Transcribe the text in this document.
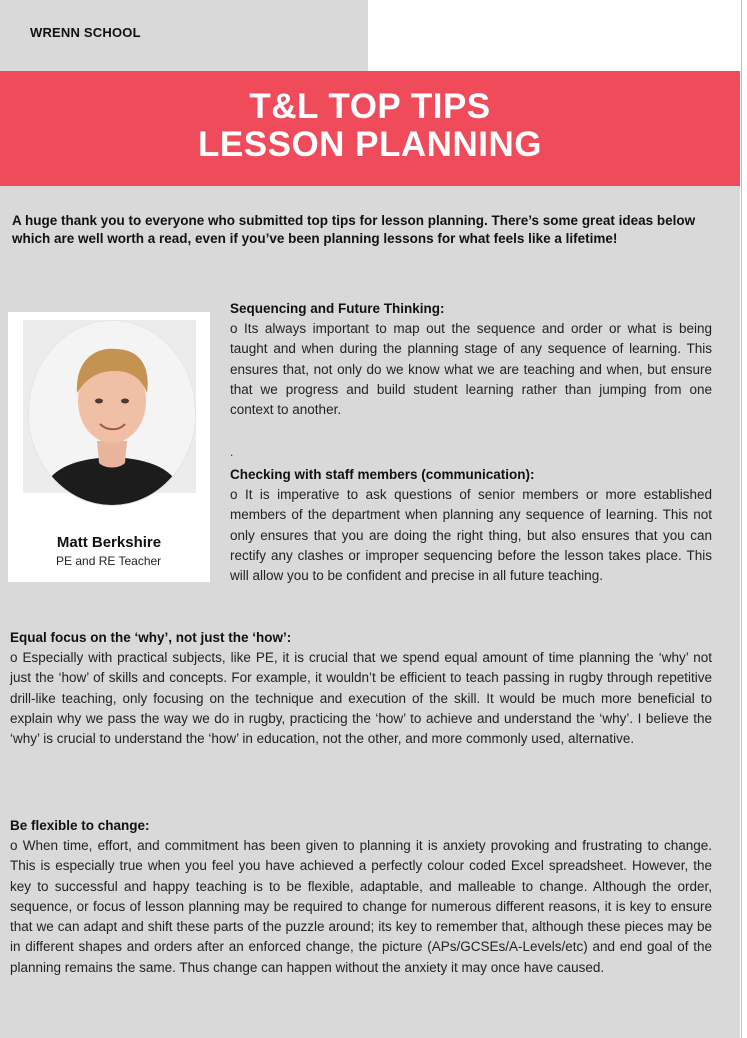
WRENN SCHOOL
T&L TOP TIPS
LESSON PLANNING
A huge thank you to everyone who submitted top tips for lesson planning. There’s some great ideas below which are well worth a read, even if you’ve been planning lessons for what feels like a lifetime!
Matt Berkshire
PE and RE Teacher
Sequencing and Future Thinking:

o Its always important to map out the sequence and order or what is being taught and when during the planning stage of any sequence of learning. This ensures that, not only do we know what we are teaching and when, but ensure that we progress and build student learning rather than jumping from one context to another.

.
Checking with staff members (communication):

o It is imperative to ask questions of senior members or more established members of the department when planning any sequence of learning. This not only ensures that you are doing the right thing, but also ensures that you can rectify any clashes or improper sequencing before the lesson takes place. This will allow you to be confident and precise in all future teaching.

Equal focus on the ‘why’, not just the ‘how’:

o Especially with practical subjects, like PE, it is crucial that we spend equal amount of time planning the ‘why’ not just the ‘how’ of skills and concepts. For example, it wouldn’t be efficient to teach passing in rugby through repetitive drill-like teaching, only focusing on the technique and execution of the skill. It would be much more beneficial to explain why we pass the way we do in rugby, practicing the ‘how’ to achieve and understand the ‘why’. I believe the ‘why’ is crucial to understand the ‘how’ in education, not the other, and more commonly used, alternative.

Be flexible to change:

o When time, effort, and commitment has been given to planning it is anxiety provoking and frustrating to change. This is especially true when you feel you have achieved a perfectly colour coded Excel spreadsheet. However, the key to successful and happy teaching is to be flexible, adaptable, and malleable to change. Although the order, sequence, or focus of lesson planning may be required to change for numerous different reasons, it is key to ensure that we can adapt and shift these parts of the puzzle around; its key to remember that, although these pieces may be in different shapes and orders after an enforced change, the picture (APs/GCSEs/A-Levels/etc) and end goal of the planning remains the same. Thus change can happen without the anxiety it may once have caused.
